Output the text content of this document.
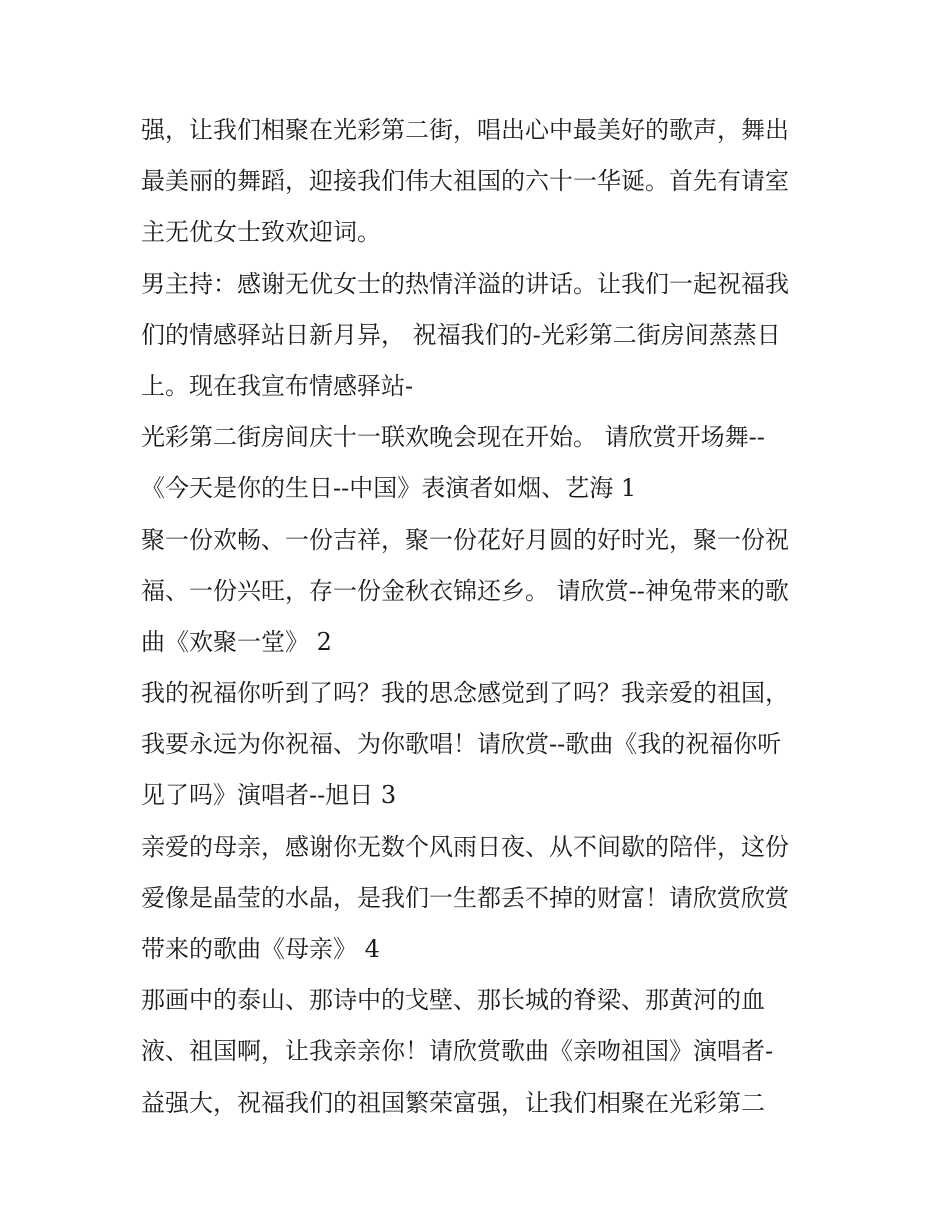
强，让我们相聚在光彩第二街，唱出心中最美好的歌声，舞出
最美丽的舞蹈，迎接我们伟大祖国的六十一华诞。首先有请室
主无优女士致欢迎词。
男主持：感谢无优女士的热情洋溢的讲话。让我们一起祝福我
们的情感驿站日新月异， 祝福我们的-光彩第二街房间蒸蒸日
上。现在我宣布情感驿站-
光彩第二街房间庆十一联欢晚会现在开始。 请欣赏开场舞--
《今天是你的生日--中国》表演者如烟、艺海 1
聚一份欢畅、一份吉祥，聚一份花好月圆的好时光，聚一份祝
福、一份兴旺，存一份金秋衣锦还乡。 请欣赏--神兔带来的歌
曲《欢聚一堂》 2
我的祝福你听到了吗？我的思念感觉到了吗？我亲爱的祖国，
我要永远为你祝福、为你歌唱！请欣赏--歌曲《我的祝福你听
见了吗》演唱者--旭日 3
亲爱的母亲，感谢你无数个风雨日夜、从不间歇的陪伴，这份
爱像是晶莹的水晶，是我们一生都丢不掉的财富！请欣赏欣赏
带来的歌曲《母亲》 4
那画中的泰山、那诗中的戈壁、那长城的脊梁、那黄河的血
液、祖国啊，让我亲亲你！请欣赏歌曲《亲吻祖国》演唱者-
益强大，祝福我们的祖国繁荣富强，让我们相聚在光彩第二
